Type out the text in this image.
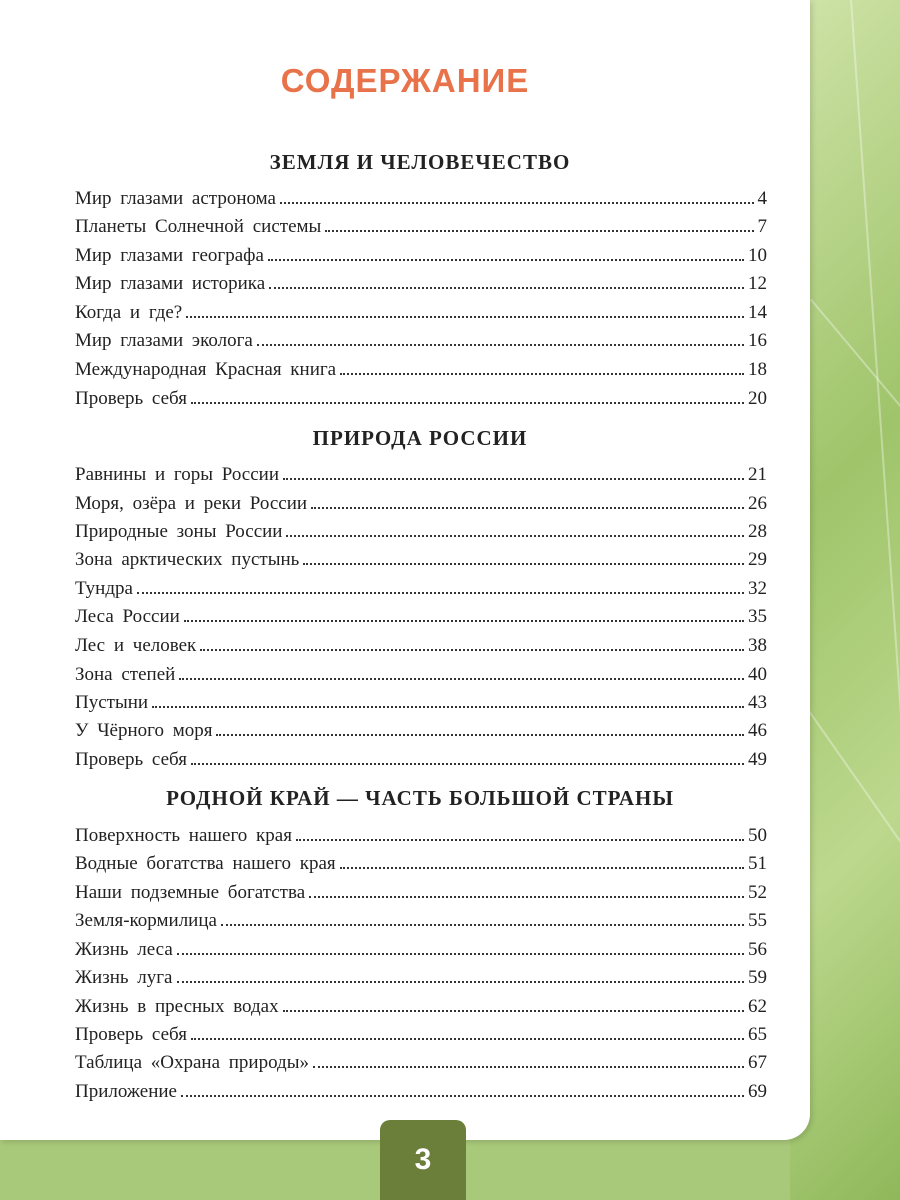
СОДЕРЖАНИЕ
ЗЕМЛЯ И ЧЕЛОВЕЧЕСТВО
Мир глазами астронома	4
Планеты Солнечной системы	7
Мир глазами географа	10
Мир глазами историка	12
Когда и где?	14
Мир глазами эколога	16
Международная Красная книга	18
Проверь себя	20
ПРИРОДА РОССИИ
Равнины и горы России	21
Моря, озёра и реки России	26
Природные зоны России	28
Зона арктических пустынь	29
Тундра	32
Леса России	35
Лес и человек	38
Зона степей	40
Пустыни	43
У Чёрного моря	46
Проверь себя	49
РОДНОЙ КРАЙ — ЧАСТЬ БОЛЬШОЙ СТРАНЫ
Поверхность нашего края	50
Водные богатства нашего края	51
Наши подземные богатства	52
Земля-кормилица	55
Жизнь леса	56
Жизнь луга	59
Жизнь в пресных водах	62
Проверь себя	65
Таблица «Охрана природы»	67
Приложение	69
3
